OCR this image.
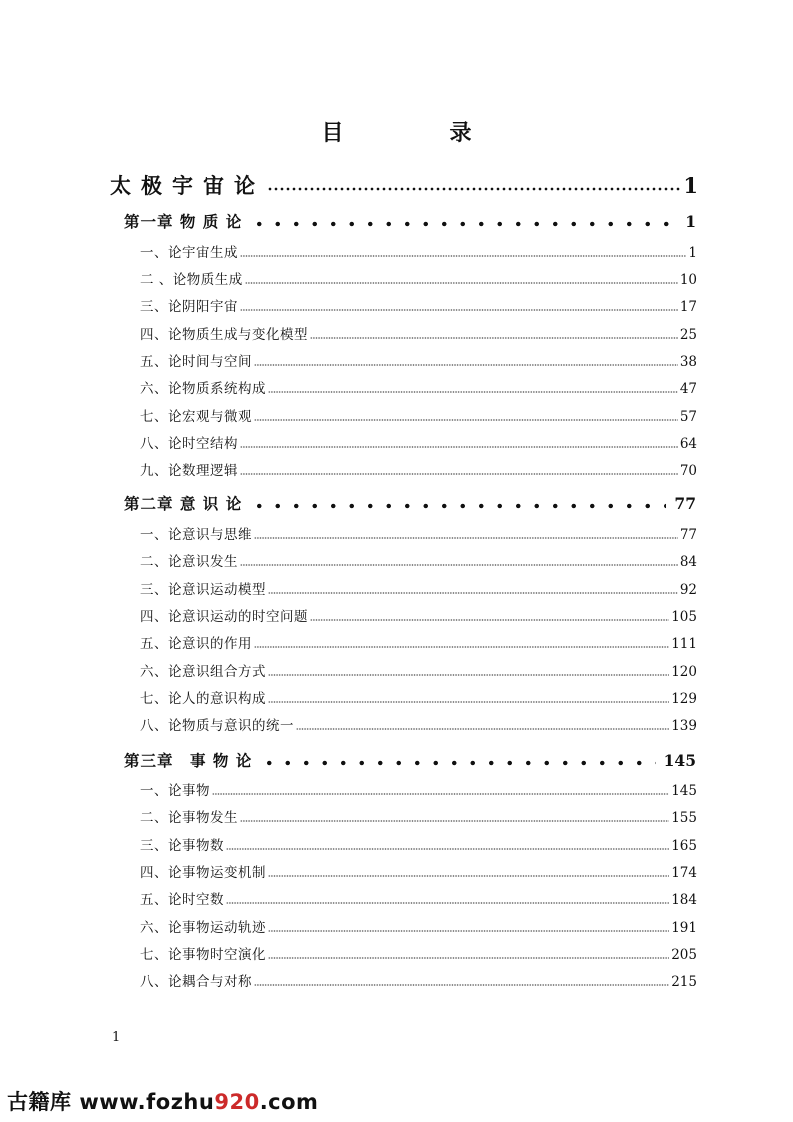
目　录
太极宇宙论	1
第一章 物 质 论	1
一、论宇宙生成	1
二 、论物质生成	10
三、论阴阳宇宙	17
四、论物质生成与变化模型	25
五、论时间与空间	38
六、论物质系统构成	47
七、论宏观与微观	57
八、论时空结构	64
九、论数理逻辑	70
第二章 意 识 论	77
一、论意识与思维	77
二、论意识发生	84
三、论意识运动模型	92
四、论意识运动的时空问题	105
五、论意识的作用	111
六、论意识组合方式	120
七、论人的意识构成	129
八、论物质与意识的统一	139
第三章　事 物 论	145
一、论事物	145
二、论事物发生	155
三、论事物数	165
四、论事物运变机制	174
五、论时空数	184
六、论事物运动轨迹	191
七、论事物时空演化	205
八、论耦合与对称	215
1
古籍库 www.fozhu920.com
